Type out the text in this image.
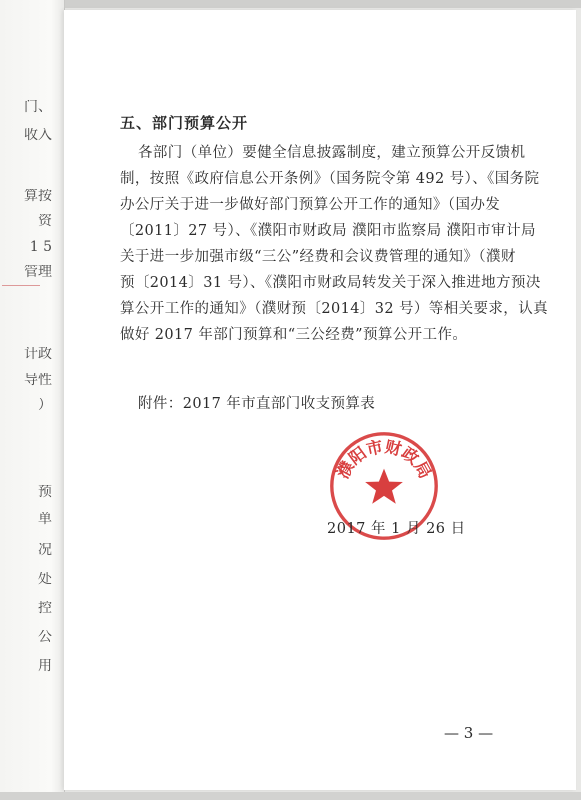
门、
收入
算按
资
1 5
管理
计政
导性
）
预
单
况
处
控
公
用
五、部门预算公开
各部门（单位）要健全信息披露制度，建立预算公开反馈机
制，按照《政府信息公开条例》（国务院令第 492 号）、《国务院
办公厅关于进一步做好部门预算公开工作的通知》（国办发
〔2011〕27 号）、《濮阳市财政局 濮阳市监察局 濮阳市审计局
关于进一步加强市级“三公”经费和会议费管理的通知》（濮财
预〔2014〕31 号）、《濮阳市财政局转发关于深入推进地方预决
算公开工作的通知》（濮财预〔2014〕32 号）等相关要求，认真
做好 2017 年部门预算和“三公经费”预算公开工作。
附件：2017 年市直部门收支预算表
濮阳市财政局
2017 年 1 月 26 日
— 3 —
